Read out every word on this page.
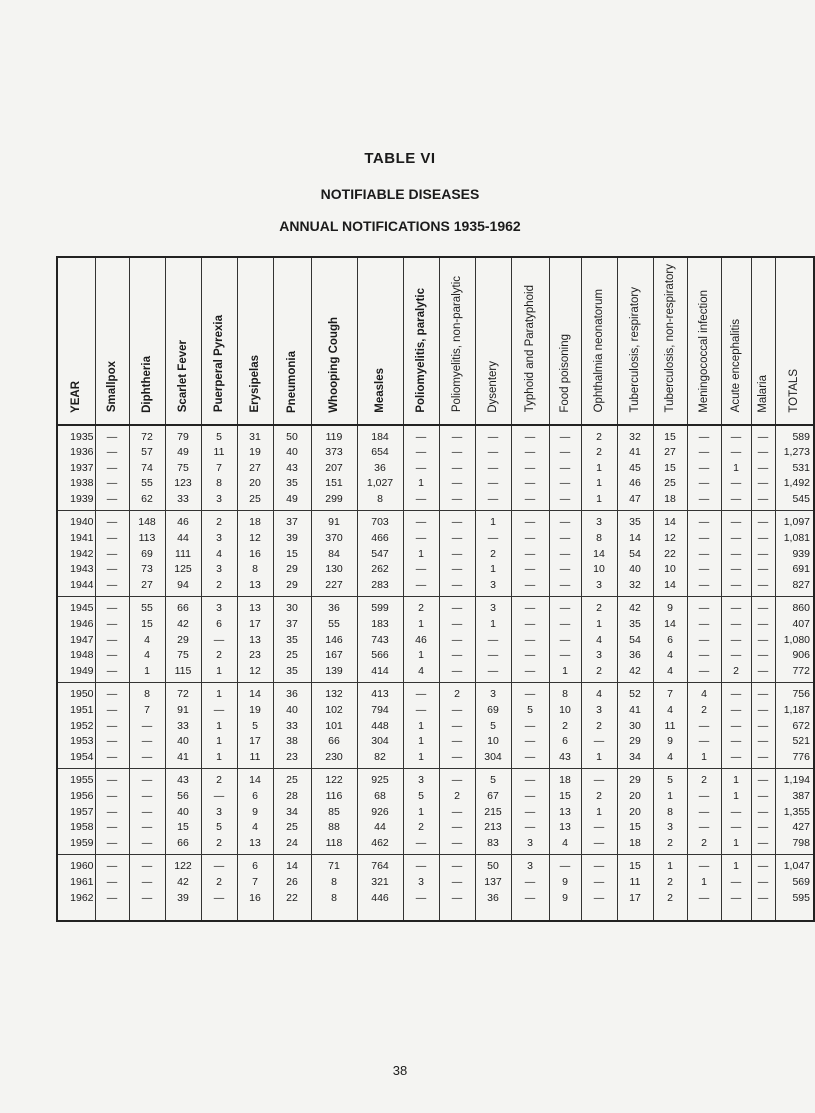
TABLE VI
NOTIFIABLE DISEASES
ANNUAL NOTIFICATIONS 1935-1962
YEAR	Smallpox	Diphtheria	Scarlet Fever	Puerperal Pyrexia	Erysipelas	Pneumonia	Whooping Cough	Measles	Poliomyelitis, paralytic	Poliomyelitis, non-paralytic	Dysentery	Typhoid and Paratyphoid	Food poisoning	Ophthalmia neonatorum	Tuberculosis, respiratory	Tuberculosis, non-respiratory	Meningococcal infection	Acute encephalitis	Malaria	TOTALS
1935	—	72	79	5	31	50	119	184	—	—	—	—	—	2	32	15	—	—	—	589
1936	—	57	49	11	19	40	373	654	—	—	—	—	—	2	41	27	—	—	—	1,273
1937	—	74	75	7	27	43	207	36	—	—	—	—	—	1	45	15	—	1	—	531
1938	—	55	123	8	20	35	151	1,027	1	—	—	—	—	1	46	25	—	—	—	1,492
1939	—	62	33	3	25	49	299	8	—	—	—	—	—	1	47	18	—	—	—	545
1940	—	148	46	2	18	37	91	703	—	—	1	—	—	3	35	14	—	—	—	1,097
1941	—	113	44	3	12	39	370	466	—	—	—	—	—	8	14	12	—	—	—	1,081
1942	—	69	111	4	16	15	84	547	1	—	2	—	—	14	54	22	—	—	—	939
1943	—	73	125	3	8	29	130	262	—	—	1	—	—	10	40	10	—	—	—	691
1944	—	27	94	2	13	29	227	283	—	—	3	—	—	3	32	14	—	—	—	827
1945	—	55	66	3	13	30	36	599	2	—	3	—	—	2	42	9	—	—	—	860
1946	—	15	42	6	17	37	55	183	1	—	1	—	—	1	35	14	—	—	—	407
1947	—	4	29	—	13	35	146	743	46	—	—	—	—	4	54	6	—	—	—	1,080
1948	—	4	75	2	23	25	167	566	1	—	—	—	—	3	36	4	—	—	—	906
1949	—	1	115	1	12	35	139	414	4	—	—	—	1	2	42	4	—	2	—	772
1950	—	8	72	1	14	36	132	413	—	2	3	—	8	4	52	7	4	—	—	756
1951	—	7	91	—	19	40	102	794	—	—	69	5	10	3	41	4	2	—	—	1,187
1952	—	—	33	1	5	33	101	448	1	—	5	—	2	2	30	11	—	—	—	672
1953	—	—	40	1	17	38	66	304	1	—	10	—	6	—	29	9	—	—	—	521
1954	—	—	41	1	11	23	230	82	1	—	304	—	43	1	34	4	1	—	—	776
1955	—	—	43	2	14	25	122	925	3	—	5	—	18	—	29	5	2	1	—	1,194
1956	—	—	56	—	6	28	116	68	5	2	67	—	15	2	20	1	—	1	—	387
1957	—	—	40	3	9	34	85	926	1	—	215	—	13	1	20	8	—	—	—	1,355
1958	—	—	15	5	4	25	88	44	2	—	213	—	13	—	15	3	—	—	—	427
1959	—	—	66	2	13	24	118	462	—	—	83	3	4	—	18	2	2	1	—	798
1960	—	—	122	—	6	14	71	764	—	—	50	3	—	—	15	1	—	1	—	1,047
1961	—	—	42	2	7	26	8	321	3	—	137	—	9	—	11	2	1	—	—	569
1962	—	—	39	—	16	22	8	446	—	—	36	—	9	—	17	2	—	—	—	595

38
